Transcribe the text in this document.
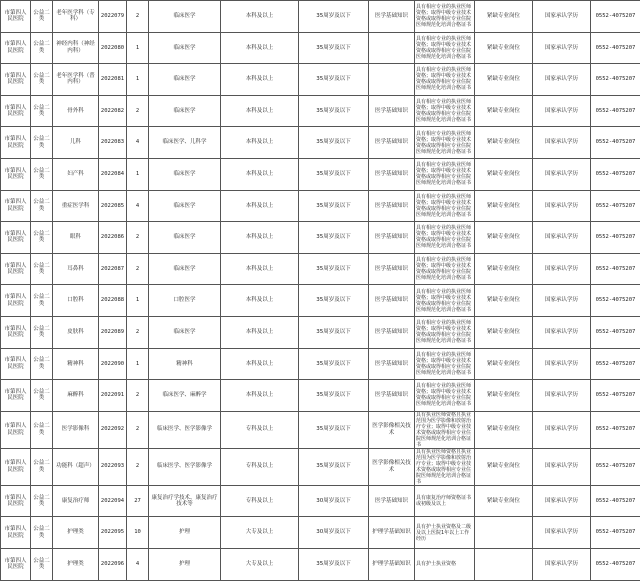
市第四人民医院	公益二类	老年医学科（专科）	2022079	2	临床医学	本科及以上	35周岁及以下	医学基础知识	具有相应专业的执业医师资格；取得中级专业技术资格或取得相应专业住院医师规范化培训合格证书	紧缺专业岗位	国家承认学历	0552-4075207
市第四人民医院	公益二类	神经内科（神经内科）	2022080	1	临床医学	本科及以上	35周岁及以下		具有相应专业的执业医师资格；取得中级专业技术资格或取得相应专业住院医师规范化培训合格证书	紧缺专业岗位	国家承认学历	0552-4075207
市第四人民医院	公益二类	老年医学科（普内科）	2022081	1	临床医学	本科及以上	35周岁及以下		具有相应专业的执业医师资格；取得中级专业技术资格或取得相应专业住院医师规范化培训合格证书	紧缺专业岗位	国家承认学历	0552-4075207
市第四人民医院	公益二类	骨外科	2022082	2	临床医学	本科及以上	35周岁及以下	医学基础知识	具有相应专业的执业医师资格；取得中级专业技术资格或取得相应专业住院医师规范化培训合格证书	紧缺专业岗位	国家承认学历	0552-4075207
市第四人民医院	公益二类	儿科	2022083	4	临床医学、儿科学	本科及以上	35周岁及以下	医学基础知识	具有相应专业的执业医师资格；取得中级专业技术资格或取得相应专业住院医师规范化培训合格证书	紧缺专业岗位	国家承认学历	0552-4075207
市第四人民医院	公益二类	妇产科	2022084	1	临床医学	本科及以上	35周岁及以下	医学基础知识	具有相应专业的执业医师资格；取得中级专业技术资格或取得相应专业住院医师规范化培训合格证书	紧缺专业岗位	国家承认学历	0552-4075207
市第四人民医院	公益二类	重症医学科	2022085	4	临床医学	本科及以上	35周岁及以下	医学基础知识	具有相应专业的执业医师资格；取得中级专业技术资格或取得相应专业住院医师规范化培训合格证书	紧缺专业岗位	国家承认学历	0552-4075207
市第四人民医院	公益二类	眼科	2022086	2	临床医学	本科及以上	35周岁及以下	医学基础知识	具有相应专业的执业医师资格；取得中级专业技术资格或取得相应专业住院医师规范化培训合格证书	紧缺专业岗位	国家承认学历	0552-4075207
市第四人民医院	公益二类	耳鼻科	2022087	2	临床医学	本科及以上	35周岁及以下	医学基础知识	具有相应专业的执业医师资格；取得中级专业技术资格或取得相应专业住院医师规范化培训合格证书	紧缺专业岗位	国家承认学历	0552-4075207
市第四人民医院	公益二类	口腔科	2022088	1	口腔医学	本科及以上	35周岁及以下	医学基础知识	具有相应专业的执业医师资格；取得中级专业技术资格或取得相应专业住院医师规范化培训合格证书	紧缺专业岗位	国家承认学历	0552-4075207
市第四人民医院	公益二类	皮肤科	2022089	2	临床医学	本科及以上	35周岁及以下	医学基础知识	具有相应专业的执业医师资格；取得中级专业技术资格或取得相应专业住院医师规范化培训合格证书	紧缺专业岗位	国家承认学历	0552-4075207
市第四人民医院	公益二类	精神科	2022090	1	精神科	本科及以上	35周岁及以下	医学基础知识	具有相应专业的执业医师资格；取得中级专业技术资格或取得相应专业住院医师规范化培训合格证书	紧缺专业岗位	国家承认学历	0552-4075207
市第四人民医院	公益二类	麻醉科	2022091	2	临床医学、麻醉学	本科及以上	35周岁及以下	医学基础知识	具有相应专业的执业医师资格；取得中级专业技术资格或取得相应专业住院医师规范化培训合格证书	紧缺专业岗位	国家承认学历	0552-4075207
市第四人民医院	公益二类	医学影像科	2022092	2	临床医学、医学影像学	专科及以上	35周岁及以下	医学影像相关技术	具有执业医师资格且执业范围为医学影像和放射治疗专业；取得中级专业技术资格或取得相应专业住院医师规范化培训合格证书	紧缺专业岗位	国家承认学历	0552-4075207
市第四人民医院	公益二类	功能科（超声）	2022093	2	临床医学、医学影像学	专科及以上	35周岁及以下	医学影像相关技术	具有执业医师资格且执业范围为医学影像和放射治疗专业；取得中级专业技术资格或取得相应专业住院医师规范化培训合格证书	紧缺专业岗位	国家承认学历	0552-4075207
市第四人民医院	公益二类	康复治疗师	2022094	27	康复治疗学技术、康复治疗技术等	专科及以上	30周岁及以下	医学基础知识	具有康复治疗师资格证书或初级及以上	紧缺专业岗位	国家承认学历	0552-4075207
市第四人民医院	公益二类	护理类	2022095	10	护理	大专及以上	30周岁及以下	护理学基础知识	具有护士执业资格及二级及以上医院1年以上工作经历		国家承认学历	0552-4075207
市第四人民医院	公益二类	护理类	2022096	4	护理	大专及以上	35周岁及以下	护理学基础知识	具有护士执业资格		国家承认学历	0552-4075207
